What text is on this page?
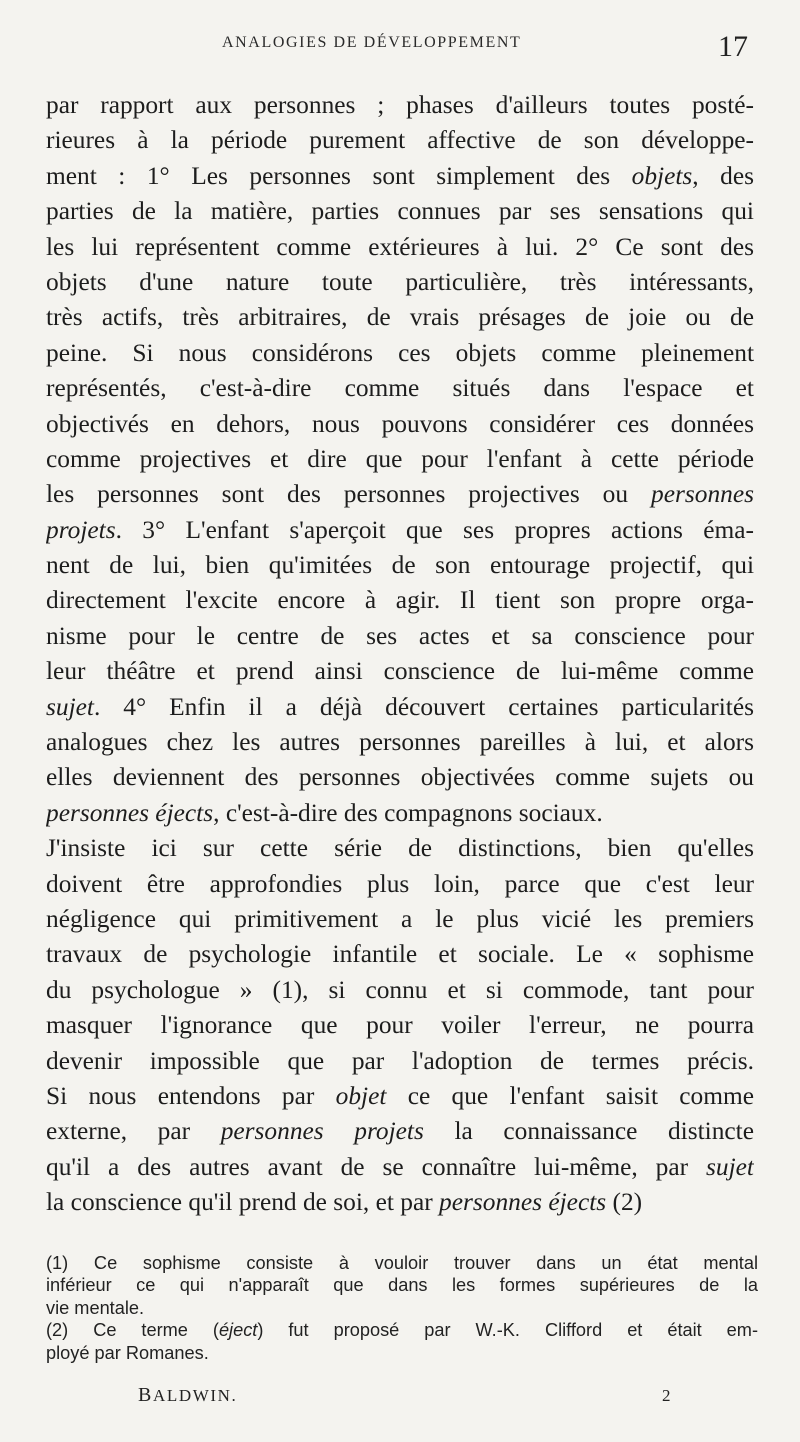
ANALOGIES DE DÉVELOPPEMENT	17
par rapport aux personnes ; phases d'ailleurs toutes posté-
rieures à la période purement affective de son développe-
ment : 1° Les personnes sont simplement des objets, des
parties de la matière, parties connues par ses sensations qui
les lui représentent comme extérieures à lui. 2° Ce sont des
objets d'une nature toute particulière, très intéressants,
très actifs, très arbitraires, de vrais présages de joie ou de
peine. Si nous considérons ces objets comme pleinement
représentés, c'est-à-dire comme situés dans l'espace et
objectivés en dehors, nous pouvons considérer ces données
comme projectives et dire que pour l'enfant à cette période
les personnes sont des personnes projectives ou personnes
projets. 3° L'enfant s'aperçoit que ses propres actions éma-
nent de lui, bien qu'imitées de son entourage projectif, qui
directement l'excite encore à agir. Il tient son propre orga-
nisme pour le centre de ses actes et sa conscience pour
leur théâtre et prend ainsi conscience de lui-même comme
sujet. 4° Enfin il a déjà découvert certaines particularités
analogues chez les autres personnes pareilles à lui, et alors
elles deviennent des personnes objectivées comme sujets ou
personnes éjects, c'est-à-dire des compagnons sociaux.
J'insiste ici sur cette série de distinctions, bien qu'elles
doivent être approfondies plus loin, parce que c'est leur
négligence qui primitivement a le plus vicié les premiers
travaux de psychologie infantile et sociale. Le « sophisme
du psychologue » (1), si connu et si commode, tant pour
masquer l'ignorance que pour voiler l'erreur, ne pourra
devenir impossible que par l'adoption de termes précis.
Si nous entendons par objet ce que l'enfant saisit comme
externe, par personnes projets la connaissance distincte
qu'il a des autres avant de se connaître lui-même, par sujet
la conscience qu'il prend de soi, et par personnes éjects (2)
(1) Ce sophisme consiste à vouloir trouver dans un état mental
inférieur ce qui n'apparaît que dans les formes supérieures de la
vie mentale.
(2) Ce terme (éject) fut proposé par W.-K. Clifford et était em-
ployé par Romanes.
BALDWIN.	2
